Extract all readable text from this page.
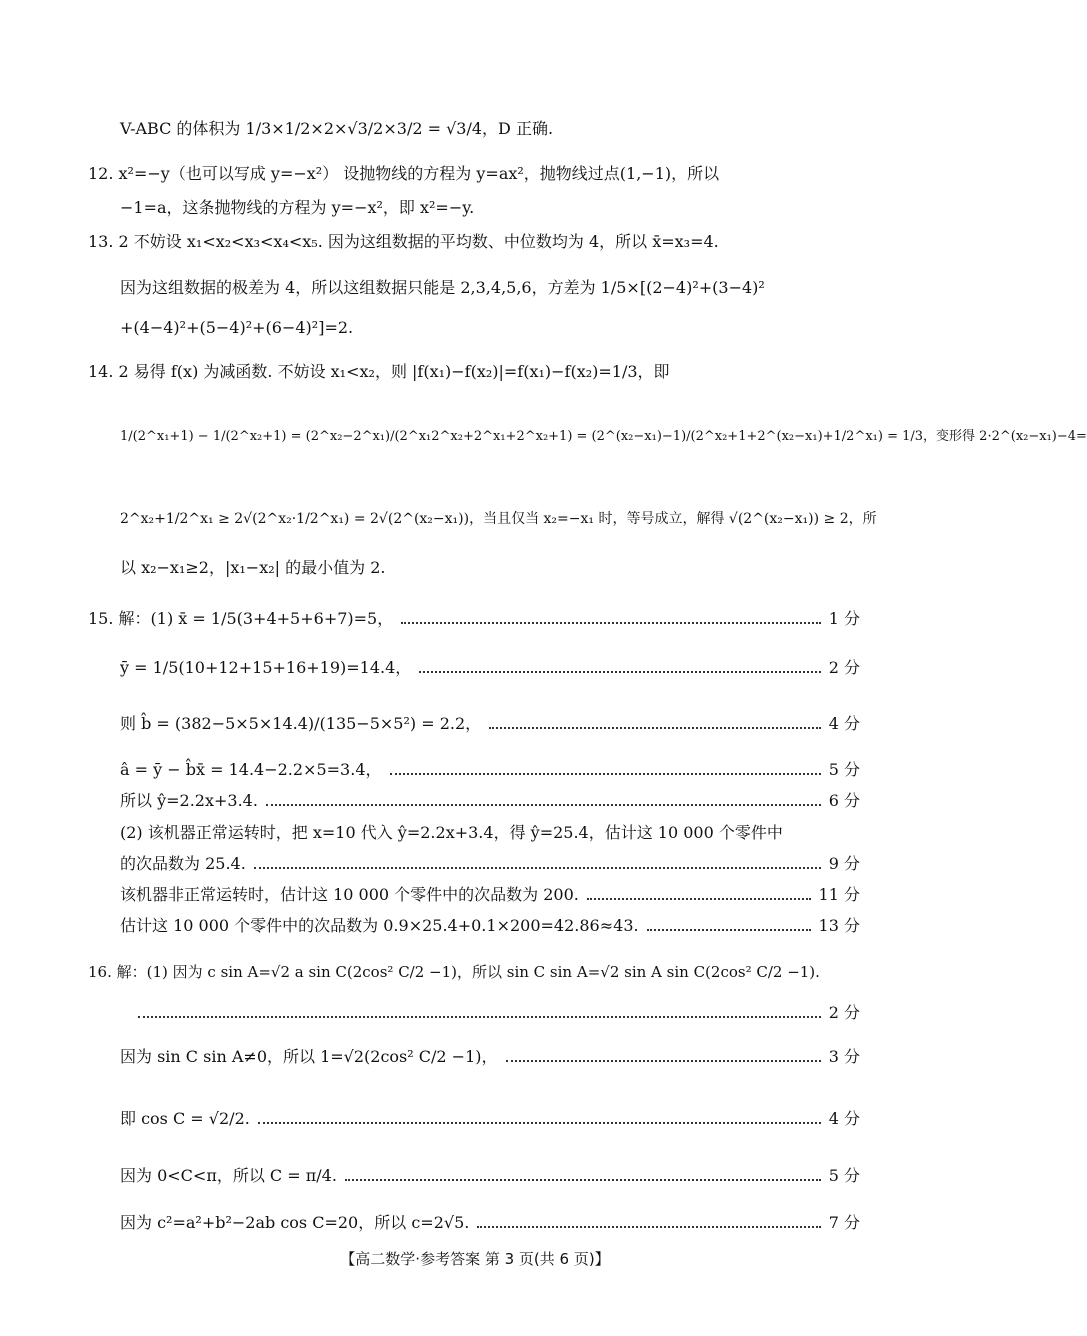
V-ABC 的体积为 1/3×1/2×2×√3/2×3/2 = √3/4，D 正确.
12. x²=−y（也可以写成 y=−x²） 设抛物线的方程为 y=ax²，抛物线过点(1,−1)，所以
−1=a，这条抛物线的方程为 y=−x²，即 x²=−y.
13. 2 不妨设 x₁<x₂<x₃<x₄<x₅. 因为这组数据的平均数、中位数均为 4，所以 x̄=x₃=4.
因为这组数据的极差为 4，所以这组数据只能是 2,3,4,5,6，方差为 1/5×[(2−4)²+(3−4)²
+(4−4)²+(5−4)²+(6−4)²]=2.
14. 2 易得 f(x) 为减函数. 不妨设 x₁<x₂，则 |f(x₁)−f(x₂)|=f(x₁)−f(x₂)=1/3，即
1/(2^x₁+1) − 1/(2^x₂+1) = (2^x₂−2^x₁)/(2^x₁2^x₂+2^x₁+2^x₂+1) = (2^(x₂−x₁)−1)/(2^x₂+1+2^(x₂−x₁)+1/2^x₁) = 1/3，变形得 2·2^(x₂−x₁)−4=
2^x₂+1/2^x₁ ≥ 2√(2^x₂·1/2^x₁) = 2√(2^(x₂−x₁))，当且仅当 x₂=−x₁ 时，等号成立，解得 √(2^(x₂−x₁)) ≥ 2，所
以 x₂−x₁≥2，|x₁−x₂| 的最小值为 2.
15. 解：(1) x̄ = 1/5(3+4+5+6+7)=5，	1 分
ȳ = 1/5(10+12+15+16+19)=14.4，	2 分
则 b̂ = (382−5×5×14.4)/(135−5×5²) = 2.2，	4 分
â = ȳ − b̂x̄ = 14.4−2.2×5=3.4，	5 分
所以 ŷ=2.2x+3.4.	6 分
(2) 该机器正常运转时，把 x=10 代入 ŷ=2.2x+3.4，得 ŷ=25.4，估计这 10 000 个零件中
的次品数为 25.4.	9 分
该机器非正常运转时，估计这 10 000 个零件中的次品数为 200.	11 分
估计这 10 000 个零件中的次品数为 0.9×25.4+0.1×200=42.86≈43.	13 分
16. 解：(1) 因为 c sin A=√2 a sin C(2cos² C/2 −1)，所以 sin C sin A=√2 sin A sin C(2cos² C/2 −1).
2 分
因为 sin C sin A≠0，所以 1=√2(2cos² C/2 −1)，	3 分
即 cos C = √2/2.	4 分
因为 0<C<π，所以 C = π/4.	5 分
因为 c²=a²+b²−2ab cos C=20，所以 c=2√5.	7 分
【高二数学·参考答案 第 3 页(共 6 页)】
